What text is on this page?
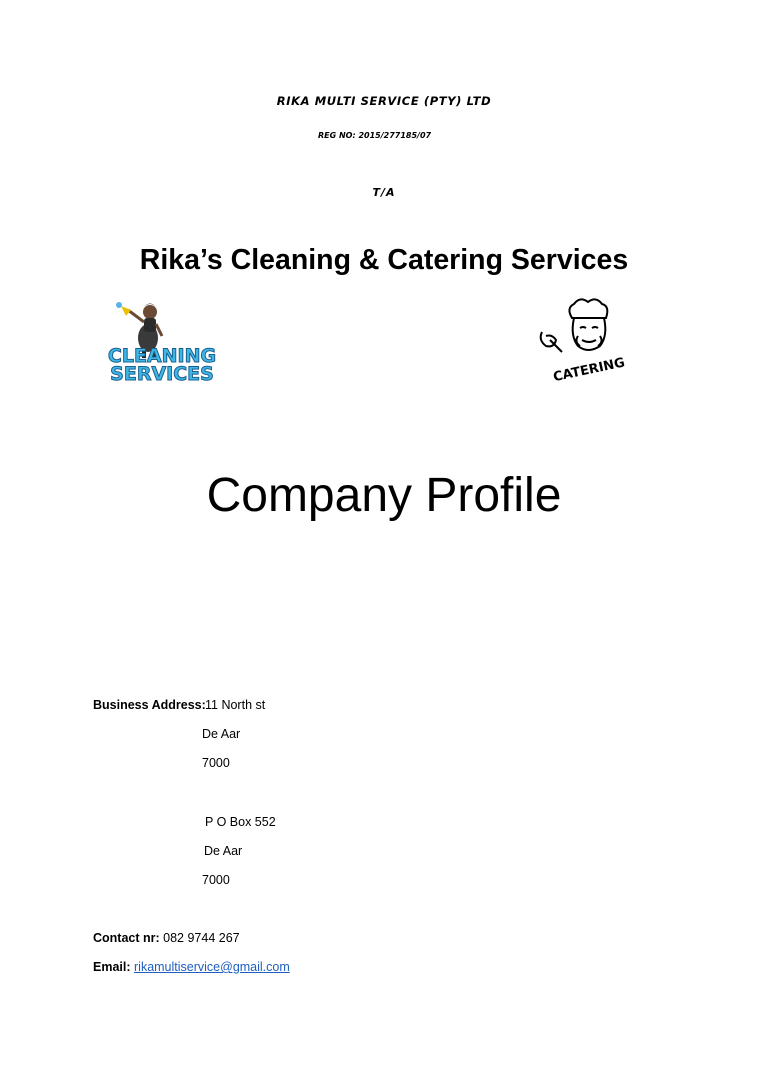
RIKA MULTI SERVICE (PTY) LTD
REG NO: 2015/277185/07
T/A
Rika’s Cleaning & Catering Services
CLEANING
SERVICES	CATERING
Company Profile
Business Address: 11 North st
De Aar
7000
P O Box 552
De Aar
7000
Contact nr: 082 9744 267
Email: rikamultiservice@gmail.com
